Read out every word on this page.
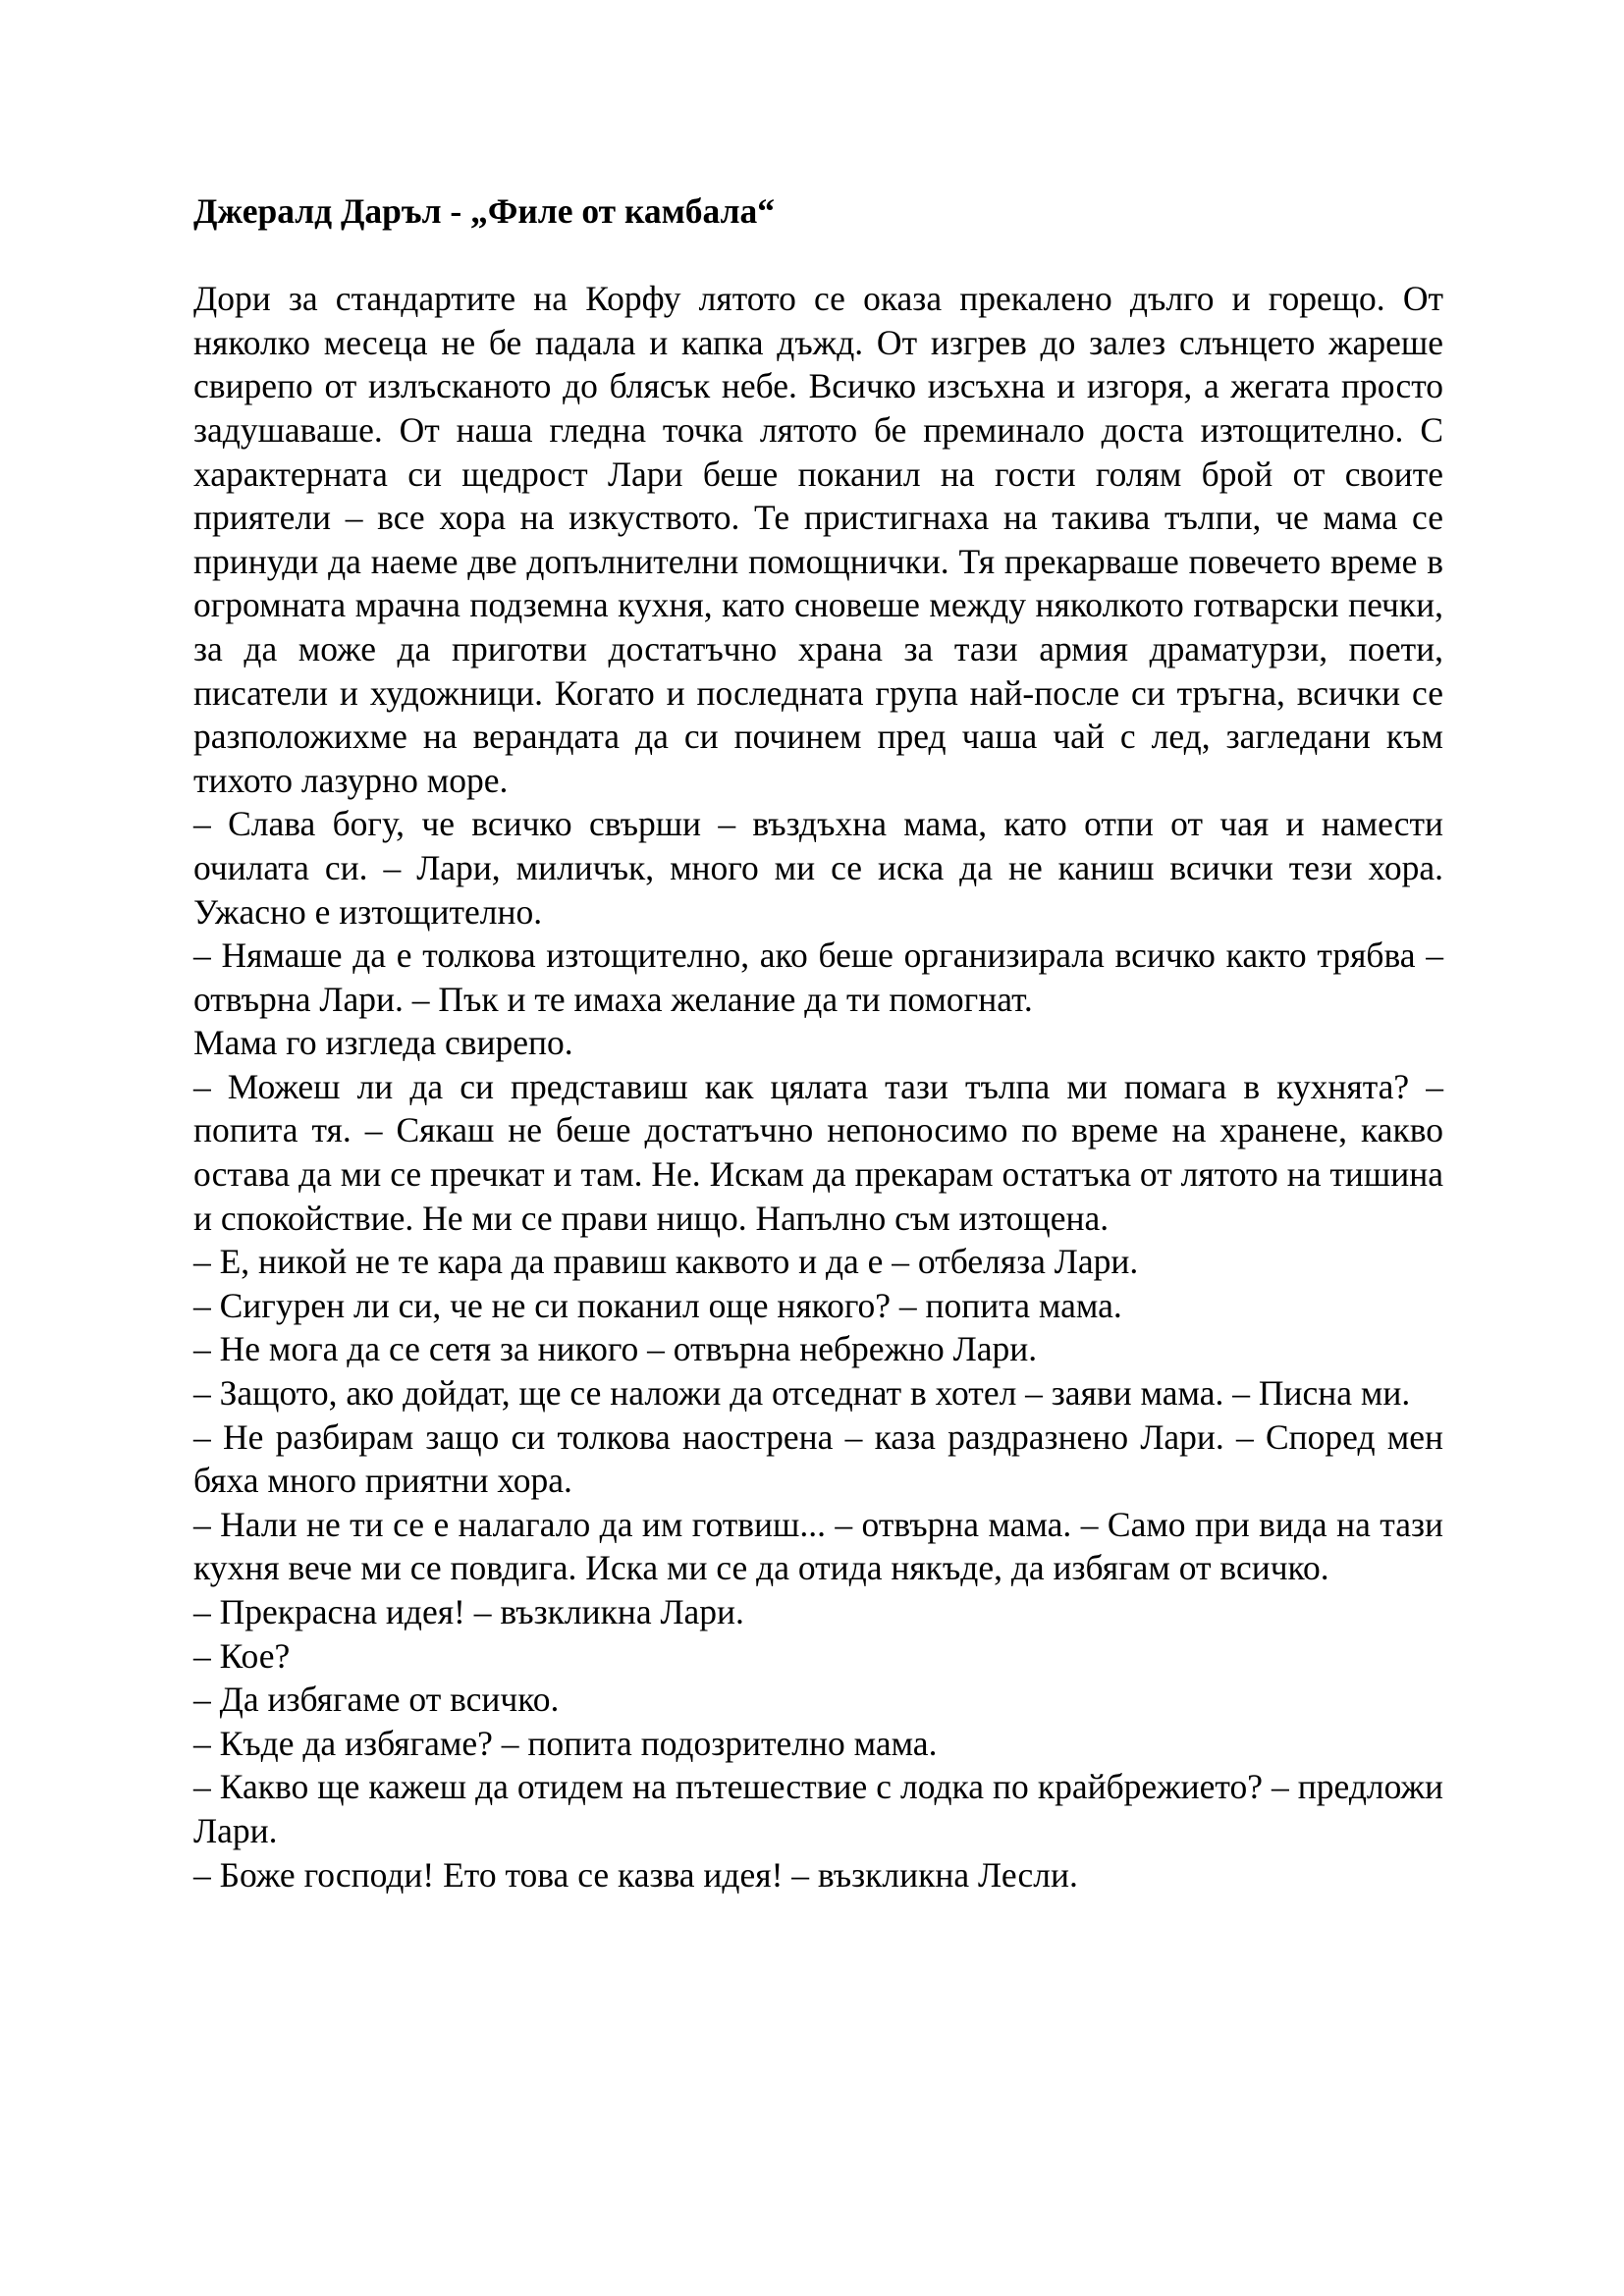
Джералд Даръл - „Филе от камбала“

Дори за стандартите на Корфу лятото се оказа прекалено дълго и горещо. От няколко месеца не бе падала и капка дъжд. От изгрев до залез слънцето жареше свирепо от излъсканото до блясък небе. Всичко изсъхна и изгоря, а жегата просто задушаваше. От наша гледна точка лятото бе преминало доста изтощително. С характерната си щедрост Лари беше поканил на гости голям брой от своите приятели – все хора на изкуството. Те пристигнаха на такива тълпи, че мама се принуди да наеме две допълнителни помощнички. Тя прекарваше повечето време в огромната мрачна подземна кухня, като сновеше между няколкото готварски печки, за да може да приготви достатъчно храна за тази армия драматурзи, поети, писатели и художници. Когато и последната група най-после си тръгна, всички се разположихме на верандата да си починем пред чаша чай с лед, загледани към тихото лазурно море.

– Слава богу, че всичко свърши – въздъхна мама, като отпи от чая и намести очилата си. – Лари, миличък, много ми се иска да не каниш всички тези хора. Ужасно е изтощително.

– Нямаше да е толкова изтощително, ако беше организирала всичко както трябва – отвърна Лари. – Пък и те имаха желание да ти помогнат.

Мама го изгледа свирепо.

– Можеш ли да си представиш как цялата тази тълпа ми помага в кухнята? – попита тя. – Сякаш не беше достатъчно непоносимо по време на хранене, какво остава да ми се пречкат и там. Не. Искам да прекарам остатъка от лятото на тишина и спокойствие. Не ми се прави нищо. Напълно съм изтощена.

– Е, никой не те кара да правиш каквото и да е – отбеляза Лари.

– Сигурен ли си, че не си поканил още някого? – попита мама.

– Не мога да се сетя за никого – отвърна небрежно Лари.

– Защото, ако дойдат, ще се наложи да отседнат в хотел – заяви мама. – Писна ми.

– Не разбирам защо си толкова наострена – каза раздразнено Лари. – Според мен бяха много приятни хора.

– Нали не ти се е налагало да им готвиш... – отвърна мама. – Само при вида на тази кухня вече ми се повдига. Иска ми се да отида някъде, да избягам от всичко.

– Прекрасна идея! – възкликна Лари.

– Кое?

– Да избягаме от всичко.

– Къде да избягаме? – попита подозрително мама.

– Какво ще кажеш да отидем на пътешествие с лодка по крайбрежието? – предложи Лари.

– Боже господи! Ето това се казва идея! – възкликна Лесли.
